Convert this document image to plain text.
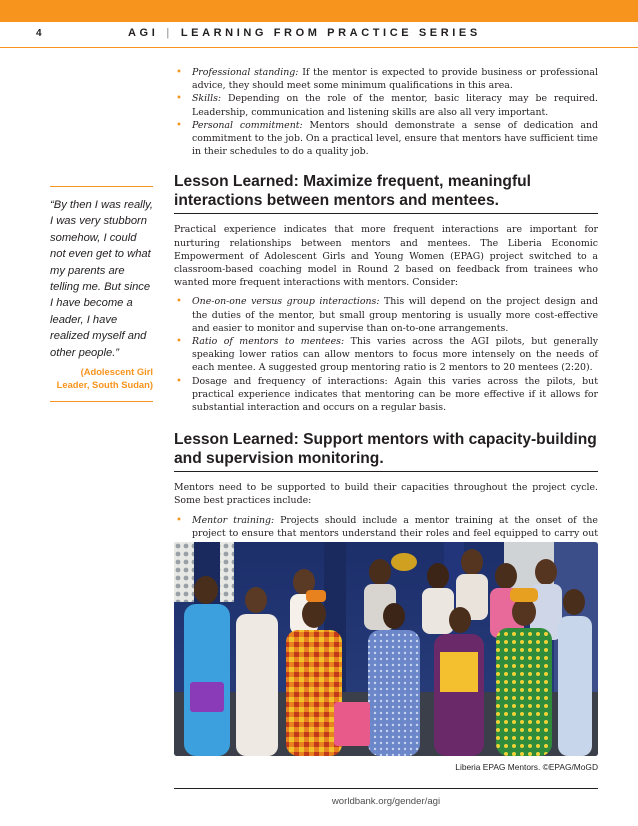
4	AGI | LEARNING FROM PRACTICE SERIES
• Professional standing: If the mentor is expected to provide business or professional advice, they should meet some minimum qualifications in this area.
• Skills: Depending on the role of the mentor, basic literacy may be required. Leadership, communication and listening skills are also all very important.
• Personal commitment: Mentors should demonstrate a sense of dedication and commitment to the job. On a practical level, ensure that mentors have sufficient time in their schedules to do a quality job.
Lesson Learned: Maximize frequent, meaningful interactions between mentors and mentees.
Practical experience indicates that more frequent interactions are important for nurturing relationships between mentors and mentees. The Liberia Economic Empowerment of Adolescent Girls and Young Women (EPAG) project switched to a classroom-based coaching model in Round 2 based on feedback from trainees who wanted more frequent interactions with mentors. Consider:
• One-on-one versus group interactions: This will depend on the project design and the duties of the mentor, but small group mentoring is usually more cost-effective and easier to monitor and supervise than on-to-one arrangements.
• Ratio of mentors to mentees: This varies across the AGI pilots, but generally speaking lower ratios can allow mentors to focus more intensely on the needs of each mentee. A suggested group mentoring ratio is 2 mentors to 20 mentees (2:20).
• Dosage and frequency of interactions: Again this varies across the pilots, but practical experience indicates that mentoring can be more effective if it allows for substantial interaction and occurs on a regular basis.
Lesson Learned: Support mentors with capacity-building and supervision monitoring.
Mentors need to be supported to build their capacities throughout the project cycle. Some best practices include:
• Mentor training: Projects should include a mentor training at the onset of the project to ensure that mentors understand their roles and feel equipped to carry out
“By then I was really, I was very stubborn somehow, I could not even get to what my parents are telling me. But since I have become a leader, I have realized myself and other people.”
(Adolescent Girl Leader, South Sudan)
Liberia EPAG Mentors. ©EPAG/MoGD
worldbank.org/gender/agi
